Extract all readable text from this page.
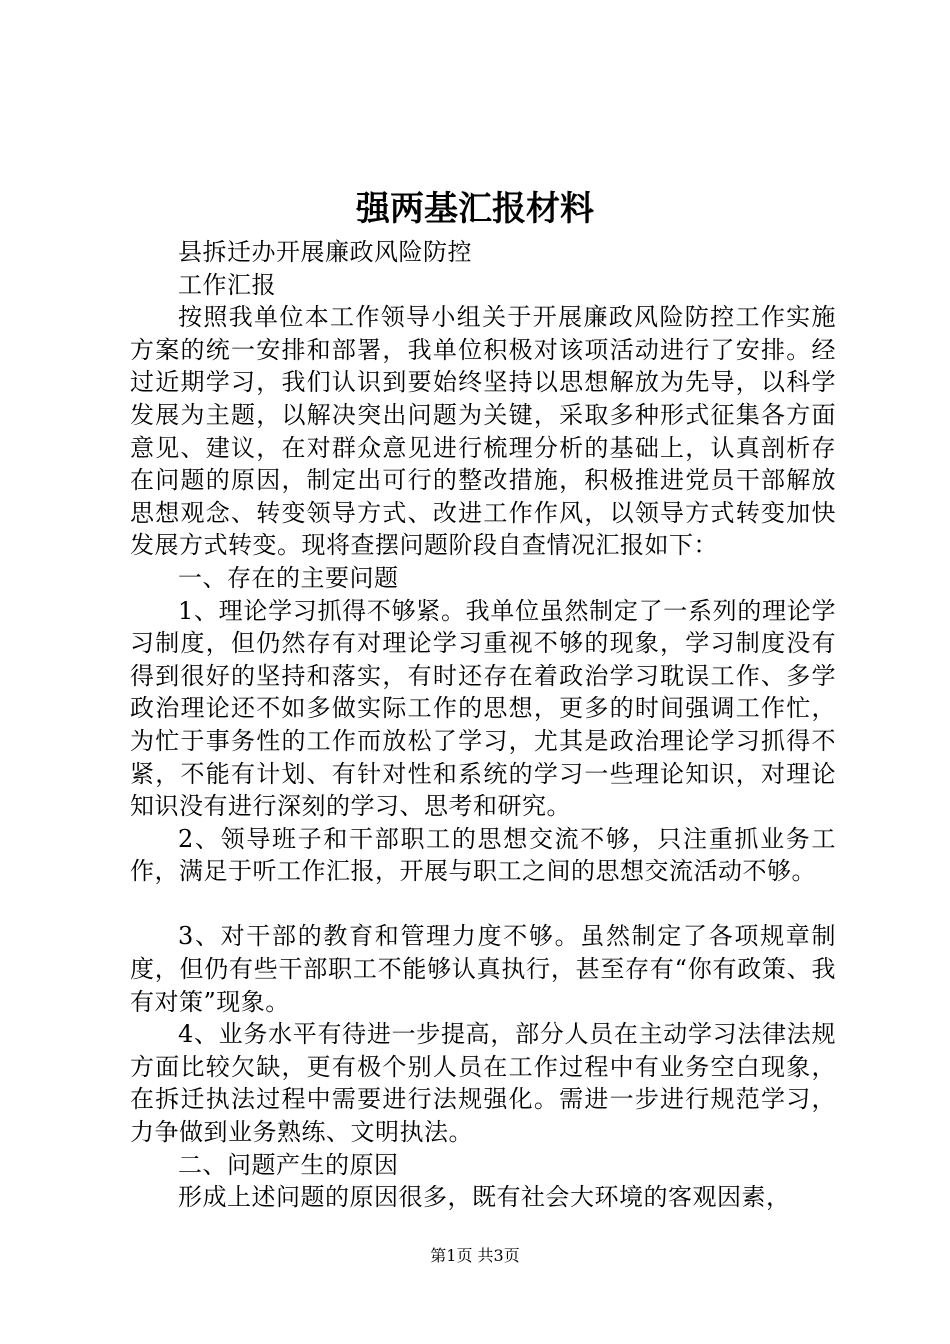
强两基汇报材料

县拆迁办开展廉政风险防控

工作汇报

按照我单位本工作领导小组关于开展廉政风险防控工作实施方案的统一安排和部署，我单位积极对该项活动进行了安排。经过近期学习，我们认识到要始终坚持以思想解放为先导，以科学发展为主题，以解决突出问题为关键，采取多种形式征集各方面意见、建议，在对群众意见进行梳理分析的基础上，认真剖析存在问题的原因，制定出可行的整改措施，积极推进党员干部解放思想观念、转变领导方式、改进工作作风，以领导方式转变加快发展方式转变。现将查摆问题阶段自查情况汇报如下：

一、存在的主要问题

1、理论学习抓得不够紧。我单位虽然制定了一系列的理论学习制度，但仍然存有对理论学习重视不够的现象，学习制度没有得到很好的坚持和落实，有时还存在着政治学习耽误工作、多学政治理论还不如多做实际工作的思想，更多的时间强调工作忙，为忙于事务性的工作而放松了学习，尤其是政治理论学习抓得不紧，不能有计划、有针对性和系统的学习一些理论知识，对理论知识没有进行深刻的学习、思考和研究。

2、领导班子和干部职工的思想交流不够，只注重抓业务工作，满足于听工作汇报，开展与职工之间的思想交流活动不够。

3、对干部的教育和管理力度不够。虽然制定了各项规章制度，但仍有些干部职工不能够认真执行，甚至存有“你有政策、我有对策”现象。

4、业务水平有待进一步提高，部分人员在主动学习法律法规方面比较欠缺，更有极个别人员在工作过程中有业务空白现象，在拆迁执法过程中需要进行法规强化。需进一步进行规范学习，力争做到业务熟练、文明执法。

二、问题产生的原因

形成上述问题的原因很多，既有社会大环境的客观因素，

第1页 共3页
